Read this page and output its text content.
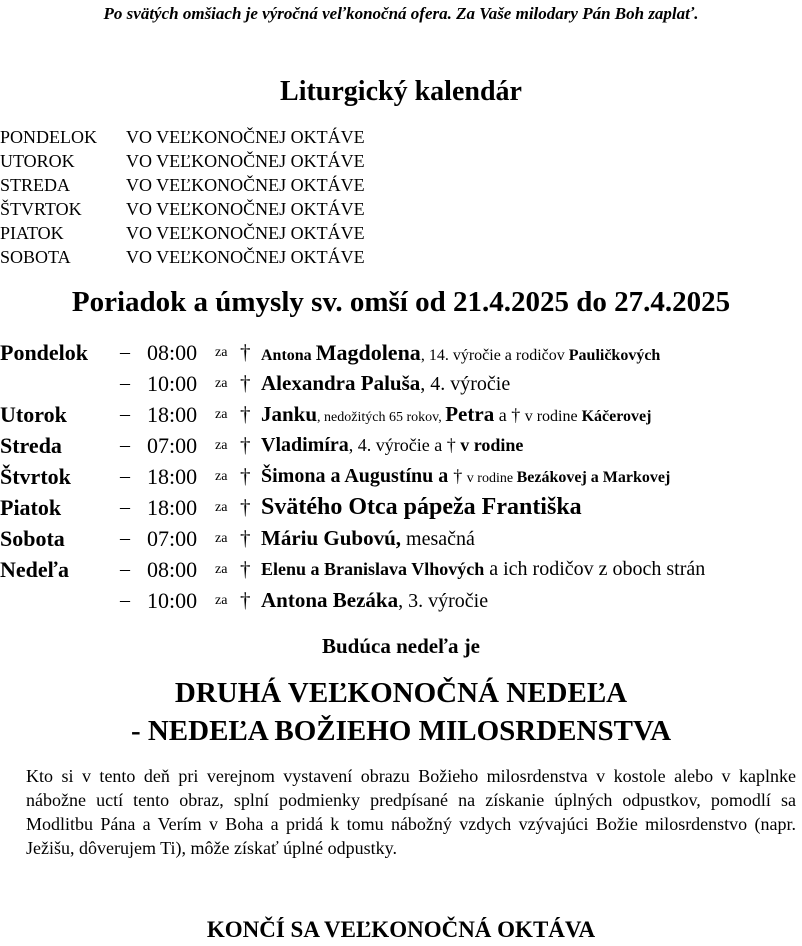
Po svätých omšiach je výročná veľkonočná ofera. Za Vaše milodary Pán Boh zaplať.
Liturgický kalendár
PONDELOK VO VEĽKONOČNEJ OKTÁVE
UTOROK	VO VEĽKONOČNEJ OKTÁVE
STREDA	VO VEĽKONOČNEJ OKTÁVE
ŠTVRTOK VO VEĽKONOČNEJ OKTÁVE
PIATOK	VO VEĽKONOČNEJ OKTÁVE
SOBOTA	VO VEĽKONOČNEJ OKTÁVE
Poriadok a úmysly sv. omší od 21.4.2025 do 27.4.2025
Pondelok – 08:00 za † Antona Magdolena, 14. výročie a rodičov Pauličkových
– 10:00 za † Alexandra Paluša, 4. výročie
Utorok	– 18:00 za † Janku, nedožitých 65 rokov, Petra a † v rodine Káčerovej
Streda	– 07:00 za † Vladimíra, 4. výročie a † v rodine
Štvrtok – 18:00 za † Šimona a Augustínu a † v rodine Bezákovej a Markovej
Piatok	– 18:00 za † Svätého Otca pápeža Františka
Sobota	– 07:00 za † Máriu Gubovú, mesačná
Nedeľa	– 08:00 za † Elenu a Branislava Vlhových a ich rodičov z oboch strán
– 10:00 za † Antona Bezáka, 3. výročie
Budúca nedeľa je
DRUHÁ VEĽKONOČNÁ NEDEĽA
- NEDEĽA BOŽIEHO MILOSRDENSTVA
Kto si v tento deň pri verejnom vystavení obrazu Božieho milosrdenstva v kostole alebo v kaplnke nábožne uctí tento obraz, splní podmienky predpísané na získanie úplných odpustkov, pomodlí sa Modlitbu Pána a Verím v Boha a pridá k tomu nábožný vzdych vzývajúci Božie milosrdenstvo (napr. Ježišu, dôverujem Ti), môže získať úplné odpustky.
KONČÍ SA VEĽKONOČNÁ OKTÁVA
